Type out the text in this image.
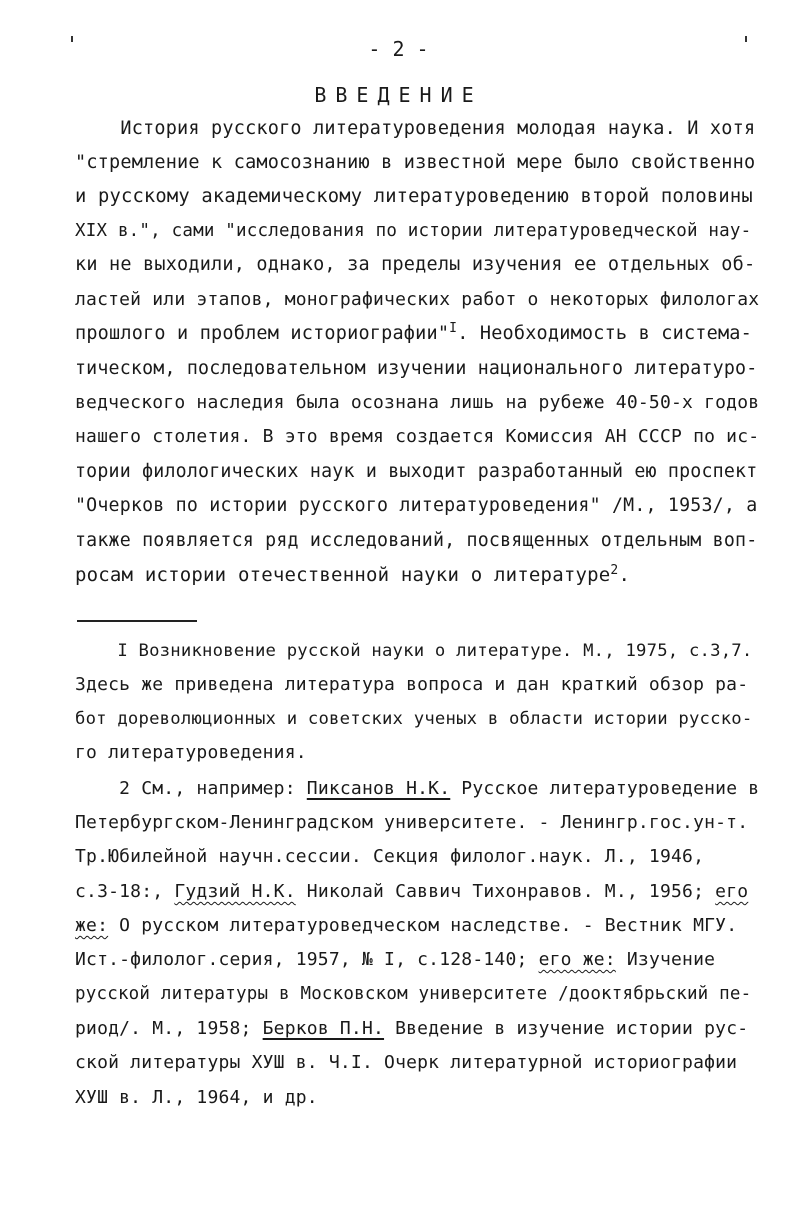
- 2 -
ВВЕДЕНИЕ
История русского литературоведения молодая наука. И хотя
"стремление к самосознанию в известной мере было свойственно
и русскому академическому литературоведению второй половины
XIX в.", сами "исследования по истории литературоведческой нау-
ки не выходили, однако, за пределы изучения ее отдельных об-
ластей или этапов, монографических работ о некоторых филологах
прошлого и проблем историографии"$^I$. Необходимость в система-
тическом, последовательном изучении национального литературо-
ведческого наследия была осознана лишь на рубеже 40-50-х годов
нашего столетия. В это время создается Комиссия АН СССР по ис-
тории филологических наук и выходит разработанный ею проспект
"Очерков по истории русского литературоведения" /М., 1953/, а
также появляется ряд исследований, посвященных отдельным воп-
росам истории отечественной науки о литературе$^2$.
I Возникновение русской науки о литературе. М., 1975, с.3,7.
Здесь же приведена литература вопроса и дан краткий обзор ра-
бот дореволюционных и советских ученых в области истории русско-
го литературоведения.
2 См., например: Пиксанов Н.К. Русское литературоведение в
Петербургском-Ленинградском университете. - Ленингр.гос.ун-т.
Тр.Юбилейной научн.сессии. Секция филолог.наук. Л., 1946,
с.3-18:, Гудзий Н.К. Николай Саввич Тихонравов. М., 1956; его
же: О русском литературоведческом наследстве. - Вестник МГУ.
Ист.-филолог.серия, 1957, № I, с.128-140; его же: Изучение
русской литературы в Московском университете /дооктябрьский пе-
риод/. М., 1958; Берков П.Н. Введение в изучение истории рус-
ской литературы ХУШ в. Ч.I. Очерк литературной историографии
ХУШ в. Л., 1964, и др.
